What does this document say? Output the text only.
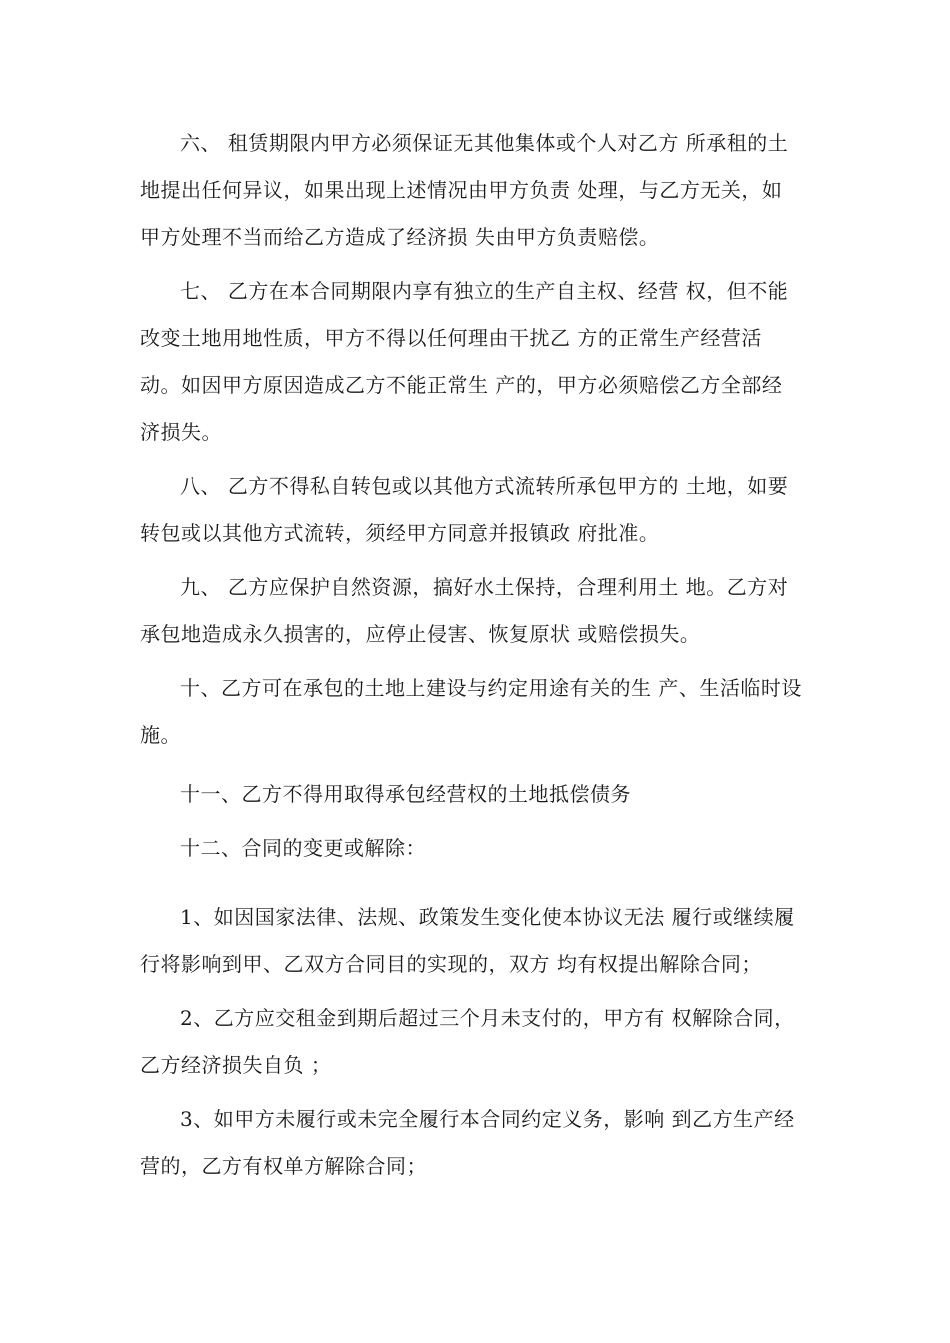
六、 租赁期限内甲方必须保证无其他集体或个人对乙方 所承租的土地提出任何异议，如果出现上述情况由甲方负责 处理，与乙方无关，如甲方处理不当而给乙方造成了经济损 失由甲方负责赔偿。

七、 乙方在本合同期限内享有独立的生产自主权、经营 权，但不能改变土地用地性质，甲方不得以任何理由干扰乙 方的正常生产经营活动。如因甲方原因造成乙方不能正常生 产的，甲方必须赔偿乙方全部经济损失。

八、 乙方不得私自转包或以其他方式流转所承包甲方的 土地，如要转包或以其他方式流转，须经甲方同意并报镇政 府批准。

九、 乙方应保护自然资源，搞好水土保持，合理利用土 地。乙方对承包地造成永久损害的，应停止侵害、恢复原状 或赔偿损失。

十、乙方可在承包的土地上建设与约定用途有关的生 产、生活临时设施。

十一、乙方不得用取得承包经营权的土地抵偿债务

十二、合同的变更或解除：

1、如因国家法律、法规、政策发生变化使本协议无法 履行或继续履行将影响到甲、乙双方合同目的实现的，双方 均有权提出解除合同；

2、乙方应交租金到期后超过三个月未支付的，甲方有 权解除合同，乙方经济损失自负 ；

3、如甲方未履行或未完全履行本合同约定义务，影响 到乙方生产经营的，乙方有权单方解除合同；
